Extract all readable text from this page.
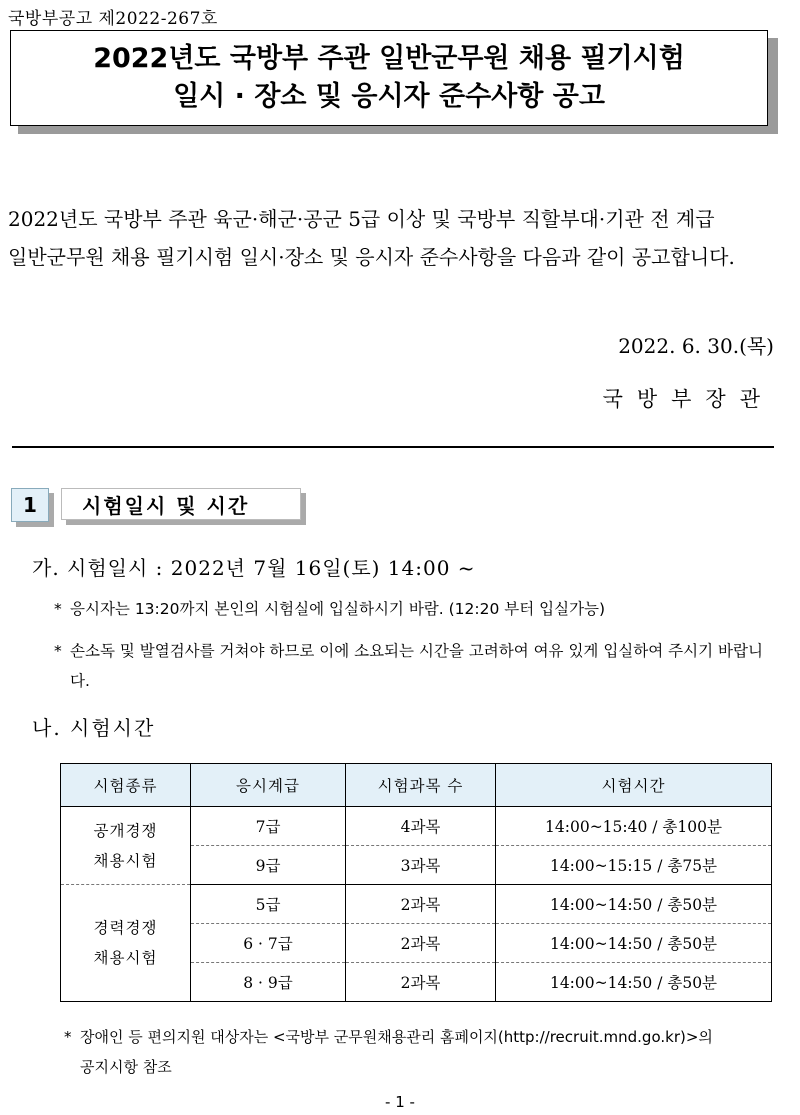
국방부공고 제2022-267호
2022년도 국방부 주관 일반군무원 채용 필기시험
일시 · 장소 및 응시자 준수사항 공고
2022년도 국방부 주관 육군·해군·공군 5급 이상 및 국방부 직할부대·기관 전 계급
일반군무원 채용 필기시험 일시·장소 및 응시자 준수사항을 다음과 같이 공고합니다.
2022. 6. 30.(목)
국방부장관
1	시험일시 및 시간
가. 시험일시 : 2022년 7월 16일(토) 14:00 ~
* 응시자는 13:20까지 본인의 시험실에 입실하시기 바람. (12:20 부터 입실가능)
* 손소독 및 발열검사를 거쳐야 하므로 이에 소요되는 시간을 고려하여 여유 있게 입실하여 주시기 바랍니다.
나. 시험시간
시험종류	응시계급	시험과목 수	시험시간

공개경쟁
채용시험	7급	4과목	14:00~15:40 / 총100분
	9급	3과목	14:00~15:15 / 총75분

경력경쟁
채용시험	5급	2과목	14:00~14:50 / 총50분
	6 · 7급	2과목	14:00~14:50 / 총50분
	8 · 9급	2과목	14:00~14:50 / 총50분
* 장애인 등 편의지원 대상자는 <국방부 군무원채용관리 홈페이지(http://recruit.mnd.go.kr)>의
공지시항 참조
- 1 -
